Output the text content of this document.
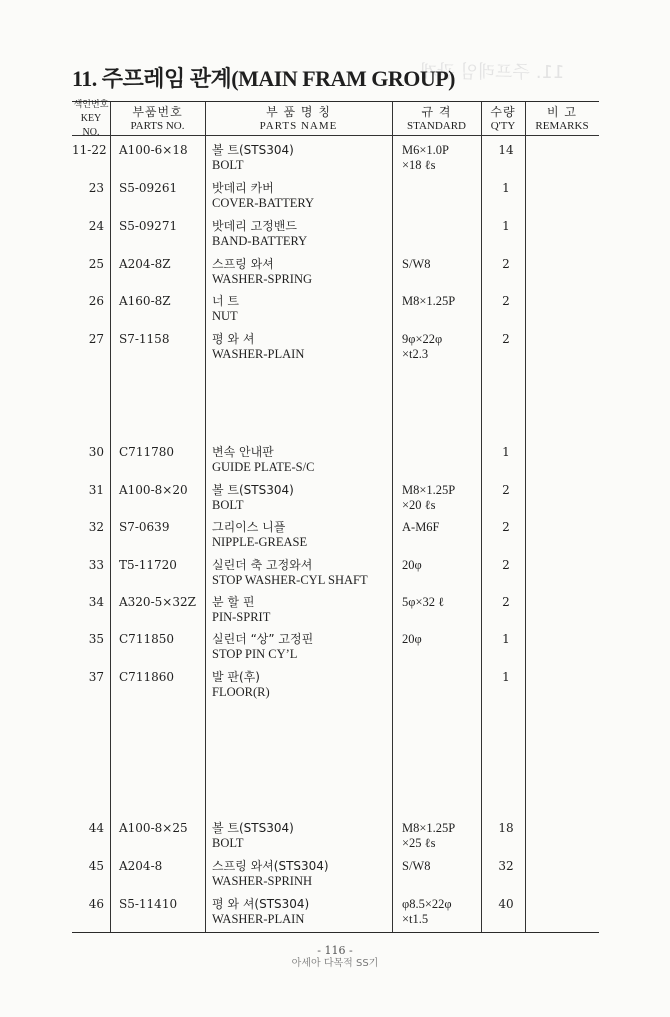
11. 주프레임 관계
11. 주프레임 관계(MAIN FRAM GROUP)
색인번호
KEY NO.
부품번호
PARTS NO.
부 품 명 칭
PARTS NAME
규 격
STANDARD
수량
Q'TY
비 고
REMARKS
11-22 A100-6×18 볼 트(STS304)
BOLT
M6×1.0P
×18 ℓs
14
23 S5-09261	밧데리 카버
COVER-BATTERY
1
24 S5-09271	밧데리 고정밴드
BAND-BATTERY
1
25 A204-8Z	스프링 와셔
WASHER-SPRING
S/W8	2
26 A160-8Z	너 트
NUT
M8×1.25P	2
27 S7-1158	평 와 셔
WASHER-PLAIN
9φ×22φ
×t2.3
2
30 C711780	변속 안내판
GUIDE PLATE-S/C
1
31 A100-8×20 볼 트(STS304)
BOLT
M8×1.25P
×20 ℓs
2
32 S7-0639	그리이스 니플
NIPPLE-GREASE
A-M6F	2
33 T5-11720	실린더 축 고정와셔
STOP WASHER-CYL SHAFT
20φ	2
34 A320-5×32Z 분 할 핀
PIN-SPRIT
5φ×32 ℓ	2
35 C711850	실린더 “상” 고정핀
STOP PIN CY’L
20φ	1
37 C711860	발 판(후)
FLOOR(R)
1
44 A100-8×25 볼 트(STS304)
BOLT
M8×1.25P
×25 ℓs
18
45 A204-8	스프링 와셔(STS304)
WASHER-SPRINH
S/W8	32
46 S5-11410	평 와 셔(STS304)
WASHER-PLAIN
φ8.5×22φ
×t1.5
40
- 116 -
아세아 다목적 SS기
